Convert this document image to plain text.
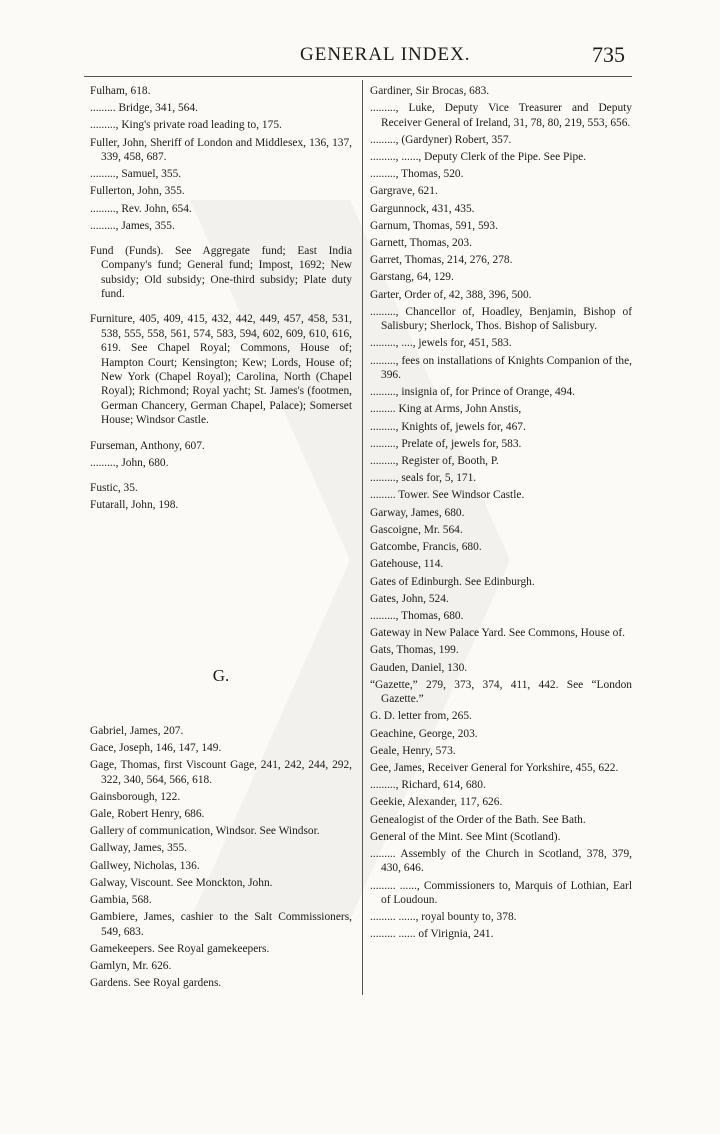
GENERAL INDEX.	735
Fulham, 618.
......... Bridge, 341, 564.
........., King's private road leading to, 175.
Fuller, John, Sheriff of London and Middlesex, 136, 137, 339, 458, 687.
........., Samuel, 355.
Fullerton, John, 355.
........., Rev. John, 654.
........., James, 355.
Fund (Funds). See Aggregate fund; East India Company's fund; General fund; Impost, 1692; New subsidy; Old subsidy; One-third subsidy; Plate duty fund.
Furniture, 405, 409, 415, 432, 442, 449, 457, 458, 531, 538, 555, 558, 561, 574, 583, 594, 602, 609, 610, 616, 619. See Chapel Royal; Commons, House of; Hampton Court; Kensington; Kew; Lords, House of; New York (Chapel Royal); Carolina, North (Chapel Royal); Richmond; Royal yacht; St. James's (footmen, German Chancery, German Chapel, Palace); Somerset House; Windsor Castle.
Furseman, Anthony, 607.
........., John, 680.
Fustic, 35.
Futarall, John, 198.
G.
Gabriel, James, 207.
Gace, Joseph, 146, 147, 149.
Gage, Thomas, first Viscount Gage, 241, 242, 244, 292, 322, 340, 564, 566, 618.
Gainsborough, 122.
Gale, Robert Henry, 686.
Gallery of communication, Windsor. See Windsor.
Gallway, James, 355.
Gallwey, Nicholas, 136.
Galway, Viscount. See Monckton, John.
Gambia, 568.
Gambiere, James, cashier to the Salt Commissioners, 549, 683.
Gamekeepers. See Royal gamekeepers.
Gamlyn, Mr. 626.
Gardens. See Royal gardens.
Gardiner, Sir Brocas, 683.
........., Luke, Deputy Vice Treasurer and Deputy Receiver General of Ireland, 31, 78, 80, 219, 553, 656.
........., (Gardyner) Robert, 357.
........., ......, Deputy Clerk of the Pipe. See Pipe.
........., Thomas, 520.
Gargrave, 621.
Gargunnock, 431, 435.
Garnum, Thomas, 591, 593.
Garnett, Thomas, 203.
Garret, Thomas, 214, 276, 278.
Garstang, 64, 129.
Garter, Order of, 42, 388, 396, 500.
........., Chancellor of, Hoadley, Benjamin, Bishop of Salisbury; Sherlock, Thos. Bishop of Salisbury.
........., ...., jewels for, 451, 583.
........., fees on installations of Knights Companion of the, 396.
........., insignia of, for Prince of Orange, 494.
......... King at Arms, John Anstis,
........., Knights of, jewels for, 467.
........., Prelate of, jewels for, 583.
........., Register of, Booth, P.
........., seals for, 5, 171.
......... Tower. See Windsor Castle.
Garway, James, 680.
Gascoigne, Mr. 564.
Gatcombe, Francis, 680.
Gatehouse, 114.
Gates of Edinburgh. See Edinburgh.
Gates, John, 524.
........., Thomas, 680.
Gateway in New Palace Yard. See Commons, House of.
Gats, Thomas, 199.
Gauden, Daniel, 130.
“Gazette,” 279, 373, 374, 411, 442. See “London Gazette.”
G. D. letter from, 265.
Geachine, George, 203.
Geale, Henry, 573.
Gee, James, Receiver General for Yorkshire, 455, 622.
........., Richard, 614, 680.
Geekie, Alexander, 117, 626.
Genealogist of the Order of the Bath. See Bath.
General of the Mint. See Mint (Scotland).
......... Assembly of the Church in Scotland, 378, 379, 430, 646.
......... ......, Commissioners to, Marquis of Lothian, Earl of Loudoun.
......... ......, royal bounty to, 378.
......... ...... of Virignia, 241.
